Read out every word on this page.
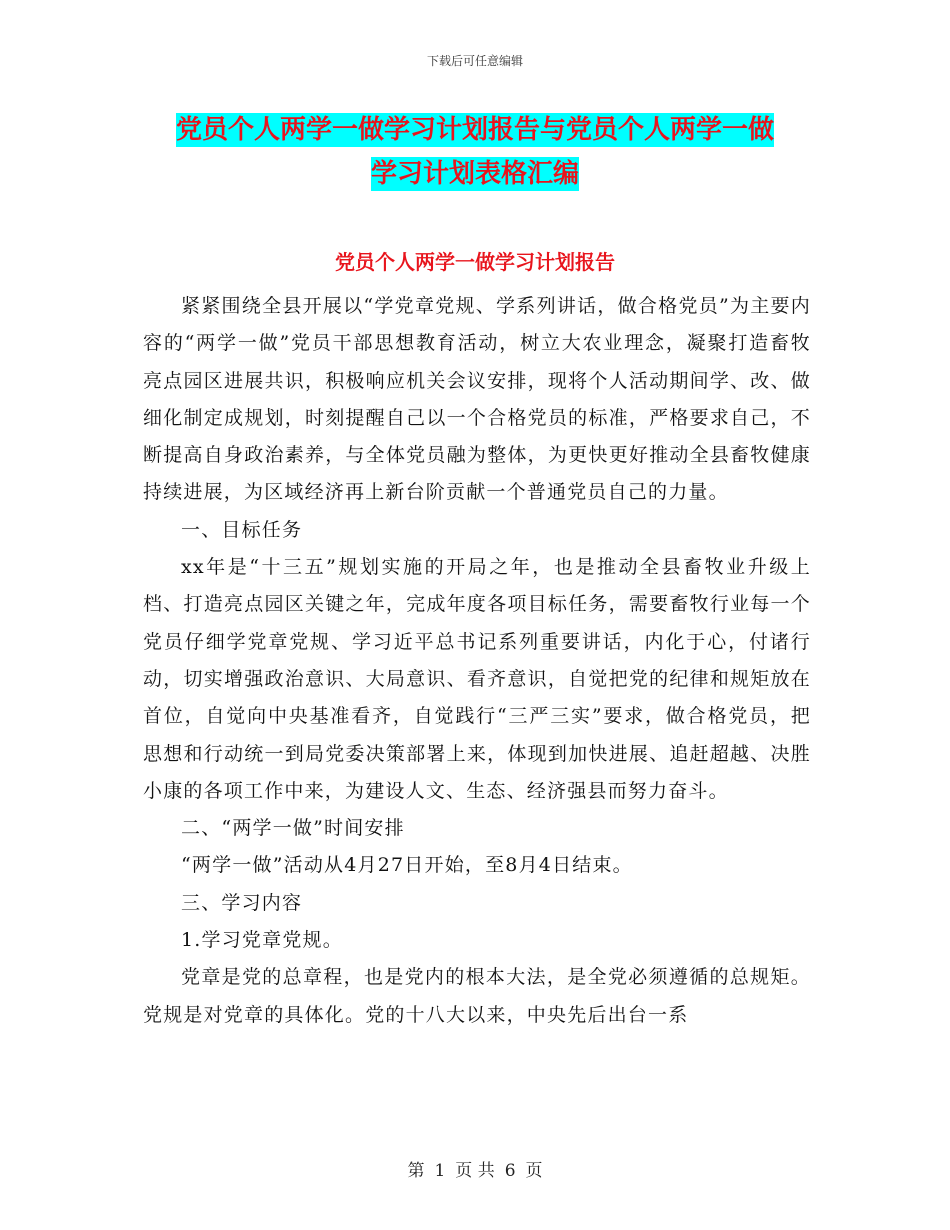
下载后可任意编辑
党员个人两学一做学习计划报告与党员个人两学一做
学习计划表格汇编
党员个人两学一做学习计划报告

紧紧围绕全县开展以“学党章党规、学系列讲话，做合格党员”为主要内容的“两学一做”党员干部思想教育活动，树立大农业理念，凝聚打造畜牧亮点园区进展共识，积极响应机关会议安排，现将个人活动期间学、改、做细化制定成规划，时刻提醒自己以一个合格党员的标准，严格要求自己，不断提高自身政治素养，与全体党员融为整体，为更快更好推动全县畜牧健康持续进展，为区域经济再上新台阶贡献一个普通党员自己的力量。

一、目标任务

xx年是“十三五”规划实施的开局之年，也是推动全县畜牧业升级上档、打造亮点园区关键之年，完成年度各项目标任务，需要畜牧行业每一个党员仔细学党章党规、学习近平总书记系列重要讲话，内化于心，付诸行动，切实增强政治意识、大局意识、看齐意识，自觉把党的纪律和规矩放在首位，自觉向中央基准看齐，自觉践行“三严三实”要求，做合格党员，把思想和行动统一到局党委决策部署上来，体现到加快进展、追赶超越、决胜小康的各项工作中来，为建设人文、生态、经济强县而努力奋斗。

二、“两学一做”时间安排

“两学一做”活动从4月27日开始，至8月4日结束。

三、学习内容

1.学习党章党规。

党章是党的总章程，也是党内的根本大法，是全党必须遵循的总规矩。党规是对党章的具体化。党的十八大以来，中央先后出台一系

第 1 页 共 6 页
